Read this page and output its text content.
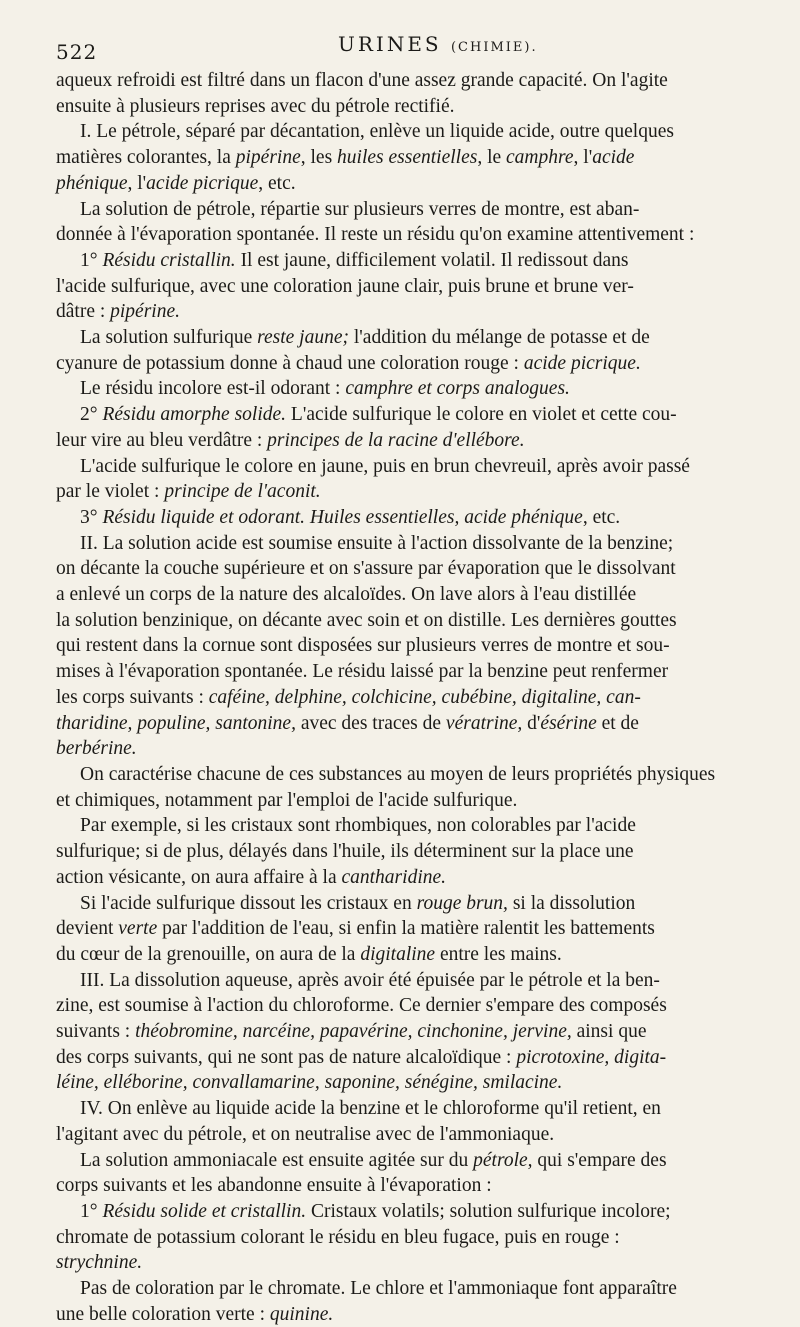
522	URINES (CHIMIE).

aqueux refroidi est filtré dans un flacon d'une assez grande capacité. On l'agite

ensuite à plusieurs reprises avec du pétrole rectifié.

I. Le pétrole, séparé par décantation, enlève un liquide acide, outre quelques

matières colorantes, la pipérine, les huiles essentielles, le camphre, l'acide

phénique, l'acide picrique, etc.

La solution de pétrole, répartie sur plusieurs verres de montre, est aban-

donnée à l'évaporation spontanée. Il reste un résidu qu'on examine attentivement :

1° Résidu cristallin. Il est jaune, difficilement volatil. Il redissout dans

l'acide sulfurique, avec une coloration jaune clair, puis brune et brune ver-

dâtre : pipérine.

La solution sulfurique reste jaune; l'addition du mélange de potasse et de

cyanure de potassium donne à chaud une coloration rouge : acide picrique.

Le résidu incolore est-il odorant : camphre et corps analogues.

2° Résidu amorphe solide. L'acide sulfurique le colore en violet et cette cou-

leur vire au bleu verdâtre : principes de la racine d'ellébore.

L'acide sulfurique le colore en jaune, puis en brun chevreuil, après avoir passé

par le violet : principe de l'aconit.

3° Résidu liquide et odorant. Huiles essentielles, acide phénique, etc.

II. La solution acide est soumise ensuite à l'action dissolvante de la benzine;

on décante la couche supérieure et on s'assure par évaporation que le dissolvant

a enlevé un corps de la nature des alcaloïdes. On lave alors à l'eau distillée

la solution benzinique, on décante avec soin et on distille. Les dernières gouttes

qui restent dans la cornue sont disposées sur plusieurs verres de montre et sou-

mises à l'évaporation spontanée. Le résidu laissé par la benzine peut renfermer

les corps suivants : caféine, delphine, colchicine, cubébine, digitaline, can-

tharidine, populine, santonine, avec des traces de vératrine, d'ésérine et de

berbérine.

On caractérise chacune de ces substances au moyen de leurs propriétés physiques

et chimiques, notamment par l'emploi de l'acide sulfurique.

Par exemple, si les cristaux sont rhombiques, non colorables par l'acide

sulfurique; si de plus, délayés dans l'huile, ils déterminent sur la place une

action vésicante, on aura affaire à la cantharidine.

Si l'acide sulfurique dissout les cristaux en rouge brun, si la dissolution

devient verte par l'addition de l'eau, si enfin la matière ralentit les battements

du cœur de la grenouille, on aura de la digitaline entre les mains.

III. La dissolution aqueuse, après avoir été épuisée par le pétrole et la ben-

zine, est soumise à l'action du chloroforme. Ce dernier s'empare des composés

suivants : théobromine, narcéine, papavérine, cinchonine, jervine, ainsi que

des corps suivants, qui ne sont pas de nature alcaloïdique : picrotoxine, digita-

léine, elléborine, convallamarine, saponine, sénégine, smilacine.

IV. On enlève au liquide acide la benzine et le chloroforme qu'il retient, en

l'agitant avec du pétrole, et on neutralise avec de l'ammoniaque.

La solution ammoniacale est ensuite agitée sur du pétrole, qui s'empare des

corps suivants et les abandonne ensuite à l'évaporation :

1° Résidu solide et cristallin. Cristaux volatils; solution sulfurique incolore;

chromate de potassium colorant le résidu en bleu fugace, puis en rouge :

strychnine.

Pas de coloration par le chromate. Le chlore et l'ammoniaque font apparaître

une belle coloration verte : quinine.
